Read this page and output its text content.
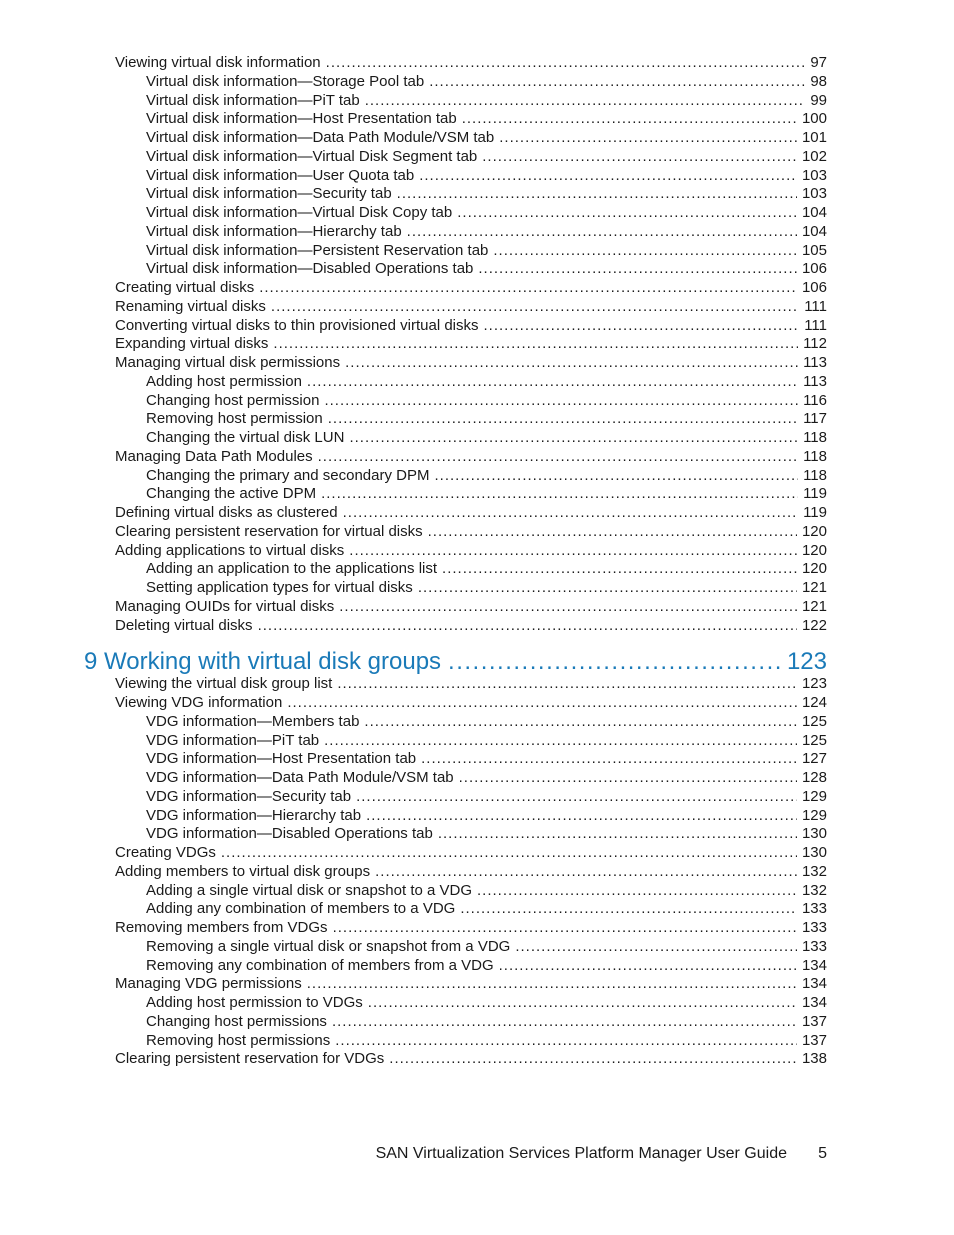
Viewing virtual disk information .....	97
Virtual disk information—Storage Pool tab .....	98
Virtual disk information—PiT tab .....	99
Virtual disk information—Host Presentation tab .....	100
Virtual disk information—Data Path Module/VSM tab .....	101
Virtual disk information—Virtual Disk Segment tab .....	102
Virtual disk information—User Quota tab .....	103
Virtual disk information—Security tab .....	103
Virtual disk information—Virtual Disk Copy tab .....	104
Virtual disk information—Hierarchy tab .....	104
Virtual disk information—Persistent Reservation tab .....	105
Virtual disk information—Disabled Operations tab .....	106
Creating virtual disks .....	106
Renaming virtual disks .....	111
Converting virtual disks to thin provisioned virtual disks .....	111
Expanding virtual disks .....	112
Managing virtual disk permissions .....	113
Adding host permission .....	113
Changing host permission .....	116
Removing host permission .....	117
Changing the virtual disk LUN .....	118
Managing Data Path Modules .....	118
Changing the primary and secondary DPM .....	118
Changing the active DPM .....	119
Defining virtual disks as clustered .....	119
Clearing persistent reservation for virtual disks .....	120
Adding applications to virtual disks .....	120
Adding an application to the applications list .....	120
Setting application types for virtual disks .....	121
Managing OUIDs for virtual disks .....	121
Deleting virtual disks .....	122
9 Working with virtual disk groups .....	123
Viewing the virtual disk group list .....	123
Viewing VDG information .....	124
VDG information—Members tab .....	125
VDG information—PiT tab .....	125
VDG information—Host Presentation tab .....	127
VDG information—Data Path Module/VSM tab .....	128
VDG information—Security tab .....	129
VDG information—Hierarchy tab .....	129
VDG information—Disabled Operations tab .....	130
Creating VDGs .....	130
Adding members to virtual disk groups .....	132
Adding a single virtual disk or snapshot to a VDG .....	132
Adding any combination of members to a VDG .....	133
Removing members from VDGs .....	133
Removing a single virtual disk or snapshot from a VDG .....	133
Removing any combination of members from a VDG .....	134
Managing VDG permissions .....	134
Adding host permission to VDGs .....	134
Changing host permissions .....	137
Removing host permissions .....	137
Clearing persistent reservation for VDGs .....	138
SAN Virtualization Services Platform Manager User Guide 5
